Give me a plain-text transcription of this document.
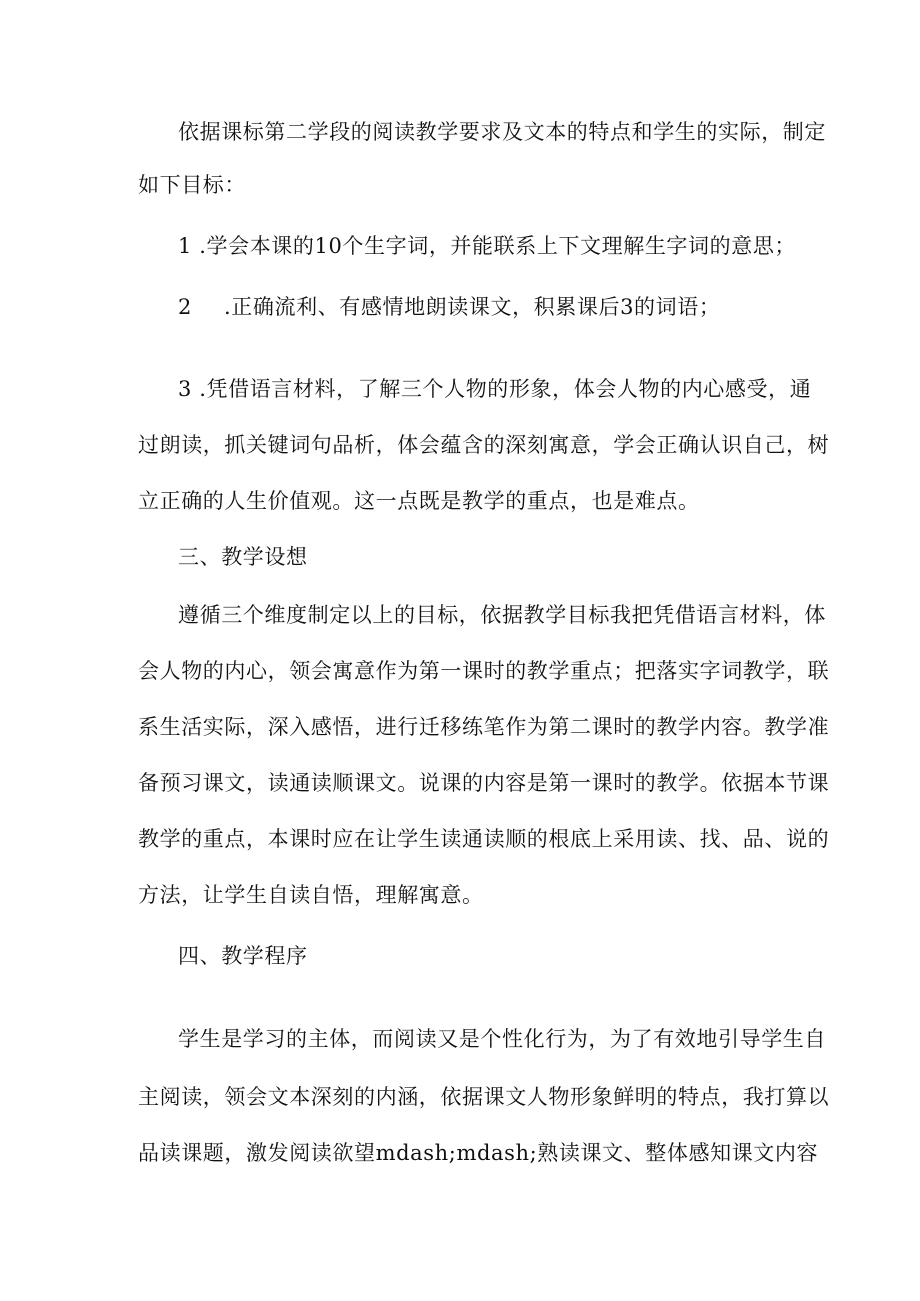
依据课标第二学段的阅读教学要求及文本的特点和学生的实际，制定
如下目标：
1 .学会本课的10个生字词，并能联系上下文理解生字词的意思；
2 .正确流利、有感情地朗读课文，积累课后3的词语；
3 .凭借语言材料，了解三个人物的形象，体会人物的内心感受，通
过朗读，抓关键词句品析，体会蕴含的深刻寓意，学会正确认识自己，树
立正确的人生价值观。这一点既是教学的重点，也是难点。
三、教学设想
遵循三个维度制定以上的目标，依据教学目标我把凭借语言材料，体
会人物的内心，领会寓意作为第一课时的教学重点；把落实字词教学，联
系生活实际，深入感悟，进行迁移练笔作为第二课时的教学内容。教学准
备预习课文，读通读顺课文。说课的内容是第一课时的教学。依据本节课
教学的重点，本课时应在让学生读通读顺的根底上采用读、找、品、说的
方法，让学生自读自悟，理解寓意。
四、教学程序
学生是学习的主体，而阅读又是个性化行为，为了有效地引导学生自
主阅读，领会文本深刻的内涵，依据课文人物形象鲜明的特点，我打算以
品读课题，激发阅读欲望mdash;mdash;熟读课文、整体感知课文内容
